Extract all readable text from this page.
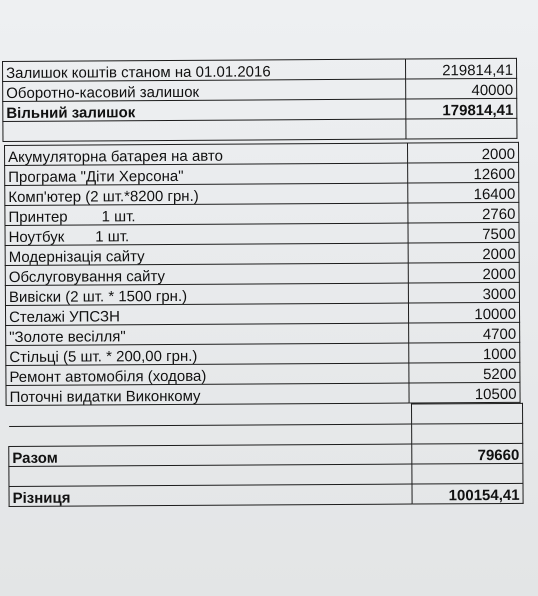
Залишок коштів станом на 01.01.2016	219814,41
Оборотно-касовий залишок	40000
Вільний залишок	179814,41

Акумуляторна батарея на авто	2000
Програма "Діти Херсона"	12600
Комп'ютер (2 шт.*8200 грн.)	16400
Принтер 1 шт.	2760
Ноутбук 1 шт.	7500
Модернізація сайту	2000
Обслуговування сайту	2000
Вивіски (2 шт. * 1500 грн.)	3000
Стелажі УПСЗН	10000
"Золоте весілля"	4700
Стільці (5 шт. * 200,00 грн.)	1000
Ремонт автомобіля (ходова)	5200
Поточні видатки Виконкому	10500

Разом	79660

Різниця	100154,41
